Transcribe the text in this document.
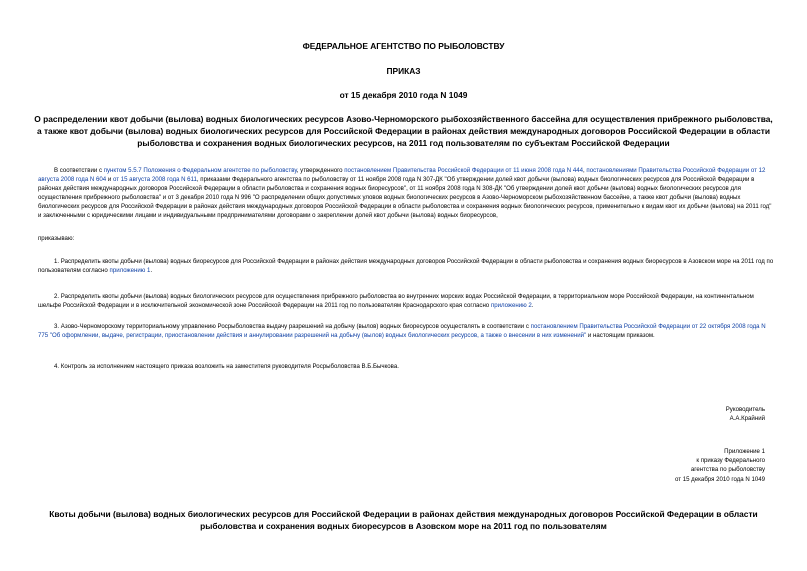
ФЕДЕРАЛЬНОЕ АГЕНТСТВО ПО РЫБОЛОВСТВУ
ПРИКАЗ
от 15 декабря 2010 года N 1049
О распределении квот добычи (вылова) водных биологических ресурсов Азово-Черноморского рыбохозяйственного бассейна для осуществления прибрежного рыболовства, а также квот добычи (вылова) водных биологических ресурсов для Российской Федерации в районах действия международных договоров Российской Федерации в области рыболовства и сохранения водных биологических ресурсов, на 2011 год пользователям по субъектам Российской Федерации
В соответствии с пунктом 5.5.7 Положения о Федеральном агентстве по рыболовству, утвержденного постановлением Правительства Российской Федерации от 11 июня 2008 года N 444, постановлениями Правительства Российской Федерации от 12 августа 2008 года N 604 и от 15 августа 2008 года N 611, приказами Федерального агентства по рыболовству от 11 ноября 2008 года N 307-ДК "Об утверждении долей квот добычи (вылова) водных биологических ресурсов для Российской Федерации в районах действия международных договоров Российской Федерации в области рыболовства и сохранения водных биоресурсов", от 11 ноября 2008 года N 308-ДК "Об утверждении долей квот добычи (вылова) водных биологических ресурсов для осуществления прибрежного рыболовства" и от 3 декабря 2010 года N 996 "О распределении общих допустимых уловов водных биологических ресурсов в Азово-Черноморском рыбохозяйственном бассейне, а также квот добычи (вылова) водных биологических ресурсов для Российской Федерации в районах действия международных договоров Российской Федерации в области рыболовства и сохранения водных биологических ресурсов, применительно к видам квот их добычи (вылова) на 2011 год" и заключенными с юридическими лицами и индивидуальными предпринимателями договорами о закреплении долей квот добычи (вылова) водных биоресурсов,
приказываю:
1. Распределить квоты добычи (вылова) водных биоресурсов для Российской Федерации в районах действия международных договоров Российской Федерации в области рыболовства и сохранения водных биоресурсов в Азовском море на 2011 год по пользователям согласно приложению 1.
2. Распределить квоты добычи (вылова) водных биологических ресурсов для осуществления прибрежного рыболовства во внутренних морских водах Российской Федерации, в территориальном море Российской Федерации, на континентальном шельфе Российской Федерации и в исключительной экономической зоне Российской Федерации на 2011 год по пользователям Краснодарского края согласно приложению 2.
3. Азово-Черноморскому территориальному управлению Росрыболовства выдачу разрешений на добычу (вылов) водных биоресурсов осуществлять в соответствии с постановлением Правительства Российской Федерации от 22 октября 2008 года N 775 "Об оформлении, выдаче, регистрации, приостановлении действия и аннулировании разрешений на добычу (вылов) водных биологических ресурсов, а также о внесении в них изменений" и настоящим приказом.
4. Контроль за исполнением настоящего приказа возложить на заместителя руководителя Росрыболовства В.Б.Бычкова.
Руководитель
А.А.Крайний
Приложение 1
к приказу Федерального
агентства по рыболовству
от 15 декабря 2010 года N 1049
Квоты добычи (вылова) водных биологических ресурсов для Российской Федерации в районах действия международных договоров Российской Федерации в области рыболовства и сохранения водных биоресурсов в Азовском море на 2011 год по пользователям
